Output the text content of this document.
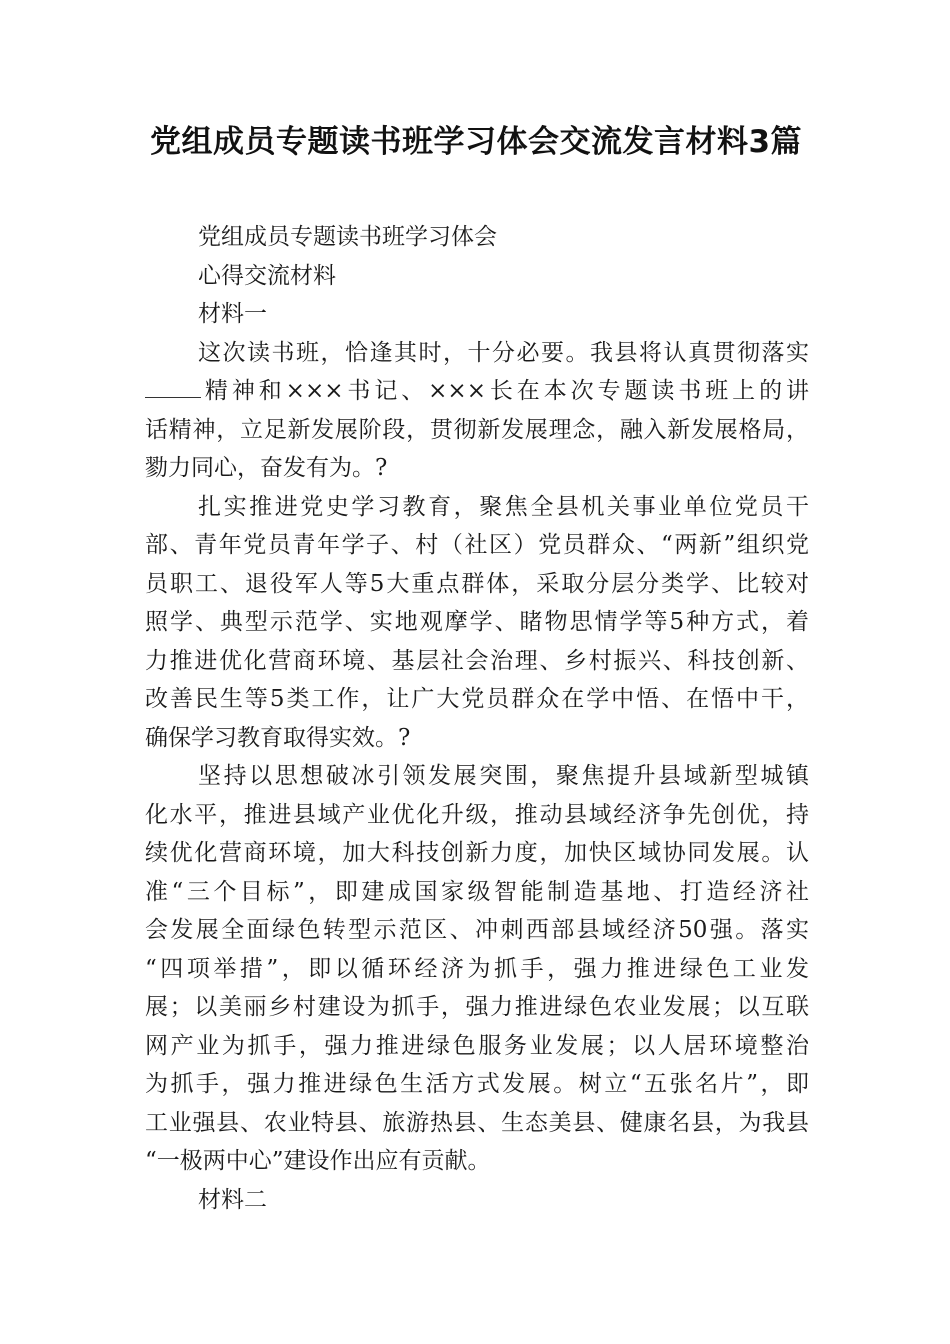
党组成员专题读书班学习体会交流发言材料3篇
党组成员专题读书班学习体会
心得交流材料
材料一
这次读书班，恰逢其时，十分必要。我县将认真贯彻落实
精神和×××书记、×××长在本次专题读书班上的讲
话精神，立足新发展阶段，贯彻新发展理念，融入新发展格局，
勠力同心，奋发有为。?
扎实推进党史学习教育，聚焦全县机关事业单位党员干
部、青年党员青年学子、村（社区）党员群众、“两新”组织党
员职工、退役军人等5大重点群体，采取分层分类学、比较对
照学、典型示范学、实地观摩学、睹物思情学等5种方式，着
力推进优化营商环境、基层社会治理、乡村振兴、科技创新、
改善民生等5类工作，让广大党员群众在学中悟、在悟中干，
确保学习教育取得实效。?
坚持以思想破冰引领发展突围，聚焦提升县域新型城镇
化水平，推进县域产业优化升级，推动县域经济争先创优，持
续优化营商环境，加大科技创新力度，加快区域协同发展。认
准“三个目标”，即建成国家级智能制造基地、打造经济社
会发展全面绿色转型示范区、冲刺西部县域经济50强。落实
“四项举措”，即以循环经济为抓手，强力推进绿色工业发
展；以美丽乡村建设为抓手，强力推进绿色农业发展；以互联
网产业为抓手，强力推进绿色服务业发展；以人居环境整治
为抓手，强力推进绿色生活方式发展。树立“五张名片”，即
工业强县、农业特县、旅游热县、生态美县、健康名县，为我县
“一极两中心”建设作出应有贡献。
材料二
